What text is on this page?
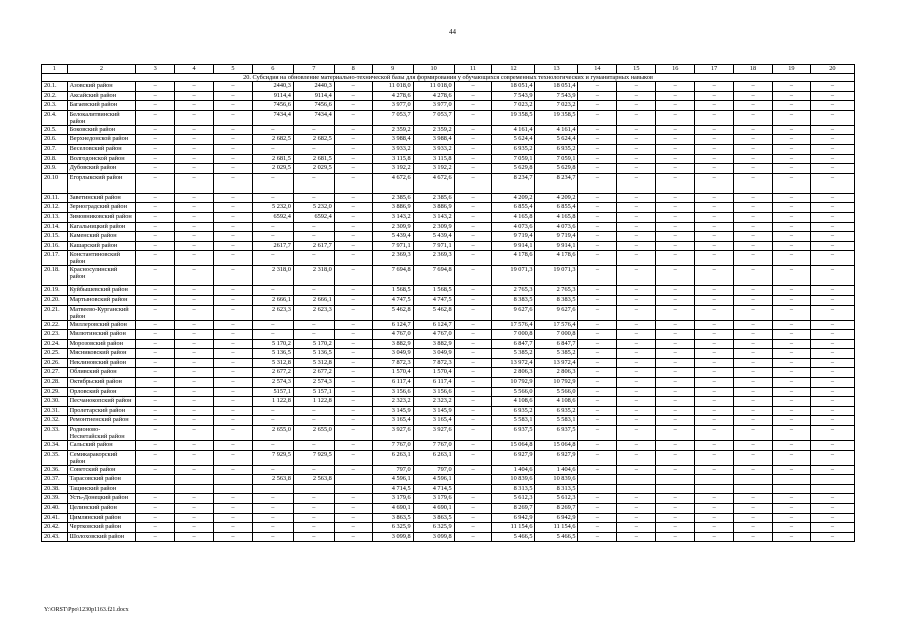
44
1	2	3	4	5	6	7	8	9	10	11	12	13	14	15	16	17	18	19	20
20. Субсидия на обновление материально-технической базы для формирования у обучающихся современных технологических и гуманитарных навыков																			
20.1.	Азовский район	–	–	–	2440,3	2440,3	–	11 018,0	11 018,0	–	18 051,4	18 051,4	–	–	–	–	–	–	–
20.2.	Аксайский район	–	–	–	9114,4	9114,4	–	4 278,6	4 278,6	–	7 543,9	7 543,9	–	–	–	–	–	–	–
20.3.	Багаевский район	–	–	–	7456,6	7456,6	–	3 977,0	3 977,0	–	7 023,2	7 023,2	–	–	–	–	–	–	–
20.4.	Белокалитвинский район	–	–	–	7434,4	7434,4	–	7 053,7	7 053,7	–	19 358,5	19 358,5	–	–	–	–	–	–	–
20.5.	Боковский район	–	–	–	–	–	–	2 359,2	2 359,2	–	4 161,4	4 161,4	–	–	–	–	–	–	–
20.6.	Верхнедонской район	–	–	–	2 682,5	2 682,5	–	3 988,4	3 988,4	–	5 624,4	5 624,4	–	–	–	–	–	–	–
20.7.	Веселовский район	–	–	–	–	–	–	3 933,2	3 933,2	–	6 935,2	6 935,2	–	–	–	–	–	–	–
20.8.	Волгодонской район	–	–	–	2 681,5	2 681,5	–	3 115,8	3 115,8	–	7 059,1	7 059,1	–	–	–	–	–	–	–
20.9.	Дубовский район	–	–	–	2 029,5	2 029,5	–	3 192,2	3 192,2	–	5 629,8	5 629,8	–	–	–	–	–	–	–
20.10	Егорлыкский район	–	–	–	–	–	–	4 672,6	4 672,6	–	8 234,7	8 234,7	–	–	–	–	–	–	–
20.11.	Заветинский район	–	–	–	–	–	–	2 385,6	2 385,6	–	4 209,2	4 209,2	–	–	–	–	–	–	–
20.12.	Зерноградский район	–	–	–	5 232,0	5 232,0	–	3 886,9	3 886,9	–	6 855,4	6 855,4	–	–	–	–	–	–	–
20.13.	Зимовниковский район	–	–	–	6592,4	6592,4	–	3 143,2	3 143,2	–	4 165,8	4 165,8	–	–	–	–	–	–	–
20.14.	Кагальницкий район	–	–	–	–	–	–	2 309,9	2 309,9	–	4 073,6	4 073,6	–	–	–	–	–	–	–
20.15.	Каменский район	–	–	–	–	–	–	5 439,4	5 439,4	–	9 719,4	9 719,4	–	–	–	–	–	–	–
20.16.	Кашарский район	–	–	–	2617,7	2 617,7	–	7 971,1	7 971,1	–	9 914,1	9 914,1	–	–	–	–	–	–	–
20.17.	Константиновский район	–	–	–	–	–	–	2 369,3	2 369,3	–	4 178,6	4 178,6	–	–	–	–	–	–	–
20.18.	Красносулинский район	–	–	–	2 318,0	2 318,0	–	7 694,8	7 694,8	–	19 071,3	19 071,3	–	–	–	–	–	–	–
20.19.	Куйбышевский район	–	–	–	–	–	–	1 568,5	1 568,5	–	2 765,3	2 765,3	–	–	–	–	–	–	–
20.20.	Мартыновский район	–	–	–	2 666,1	2 666,1	–	4 747,5	4 747,5	–	8 383,5	8 383,5	–	–	–	–	–	–	–
20.21.	Матвеево-Курганский район	–	–	–	2 623,3	2 623,3	–	5 462,8	5 462,8	–	9 627,6	9 627,6	–	–	–	–	–	–	–
20.22.	Миллеровский район	–	–	–	–	–	–	6 124,7	6 124,7	–	17 576,4	17 576,4	–	–	–	–	–	–	–
20.23.	Милютинский район	–	–	–	–	–	–	4 767,0	4 767,0	–	7 000,8	7 000,8	–	–	–	–	–	–	–
20.24.	Морозовский район	–	–	–	5 170,2	5 170,2	–	3 882,9	3 882,9	–	6 847,7	6 847,7	–	–	–	–	–	–	–
20.25.	Мясниковский район	–	–	–	5 136,5	5 136,5	–	3 049,9	3 049,9	–	5 385,2	5 385,2	–	–	–	–	–	–	–
20.26.	Неклиновский район	–	–	–	5 312,8	5 312,8	–	7 872,3	7 872,3	–	13 972,4	13 972,4	–	–	–	–	–	–	–
20.27.	Обливский район	–	–	–	2 677,2	2 677,2	–	1 570,4	1 570,4	–	2 806,3	2 806,3	–	–	–	–	–	–	–
20.28.	Октябрьский район	–	–	–	2 574,3	2 574,3	–	6 117,4	6 117,4	–	10 792,9	10 792,9	–	–	–	–	–	–	–
20.29.	Орловский район	–	–	–	5157,1	5 157,1	–	3 156,6	3 156,6	–	5 566,0	5 566,0	–	–	–	–	–	–	–
20.30.	Песчанокопский район	–	–	–	1 122,8	1 122,8	–	2 323,2	2 323,2	–	4 108,6	4 108,6	–	–	–	–	–	–	–
20.31.	Пролетарский район	–	–	–	–	–	–	3 145,9	3 145,9	–	6 935,2	6 935,2	–	–	–	–	–	–	–
20.32.	Ремонтненский район	–	–	–	–	–	–	3 165,4	3 165,4	–	5 583,1	5 583,1	–	–	–	–	–	–	–
20.33.	Родионово-Несветайский район	–	–	–	2 655,0	2 655,0	–	3 927,6	3 927,6	–	6 937,5	6 937,5	–	–	–	–	–	–	–
20.34.	Сальский район	–	–	–	–	–	–	7 767,0	7 767,0	–	15 064,8	15 064,8	–	–	–	–	–	–	–
20.35.	Семикаракорский район	–	–	–	7 929,5	7 929,5	–	6 263,1	6 263,1	–	6 927,9	6 927,9	–	–	–	–	–	–	–
20.36.	Советский район	–	–	–	–	–	–	797,0	797,0	–	1 404,6	1 404,6	–	–	–	–	–	–	–
20.37.	Тарасовский район				2 563,8	2 563,8		4 596,1	4 596,1		10 839,6	10 839,6							
20.38.	Тацинский район							4 714,5	4 714,5		8 313,5	8 313,5							
20.39.	Усть-Донецкий район	–	–	–	–	–	–	3 179,6	3 179,6	–	5 612,3	5 612,3	–	–	–	–	–	–	–
20.40.	Целинский район	–	–	–	–	–	–	4 690,1	4 690,1	–	8 269,7	8 269,7	–	–	–	–	–	–	–
20.41.	Цимлянский район	–	–	–	–	–	–	3 863,5	3 863,5	–	6 942,9	6 942,9	–	–	–	–	–	–	–
20.42.	Чертковский район	–	–	–	–	–	–	6 325,9	6 325,9	–	11 154,6	11 154,6	–	–	–	–	–	–	–
20.43.	Шолоховский район	–	–	–	–	–	–	3 099,8	3 099,8	–	5 466,5	5 466,5	–	–	–	–	–	–	–
Y:\ORST\Ppo\1230p1163.f21.docx
